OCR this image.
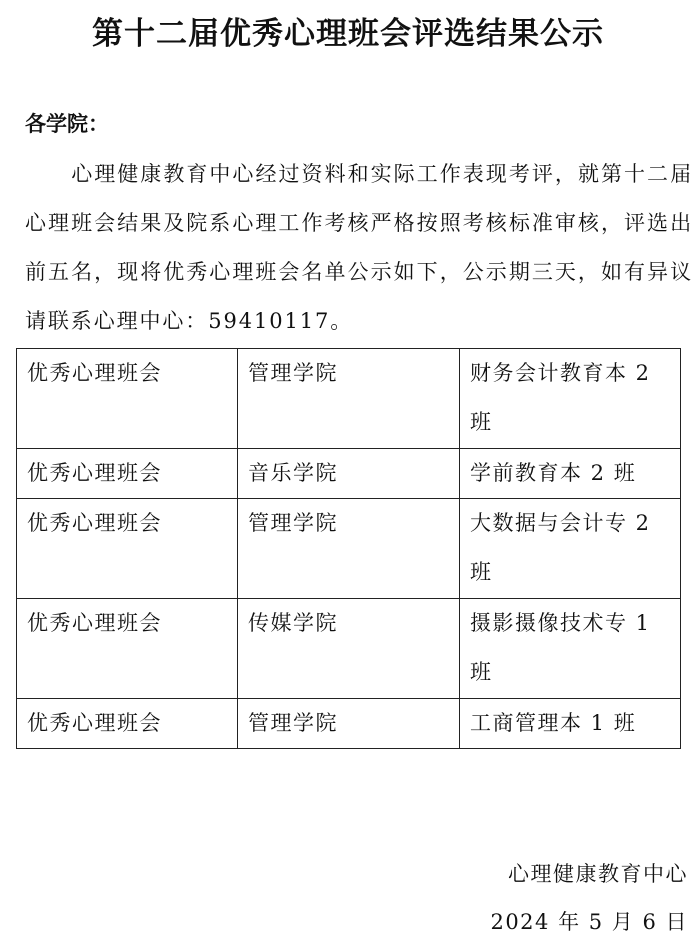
第十二届优秀心理班会评选结果公示
各学院：

心理健康教育中心经过资料和实际工作表现考评，就第十二届心理班会结果及院系心理工作考核严格按照考核标准审核，评选出前五名，现将优秀心理班会名单公示如下，公示期三天，如有异议请联系心理中心：59410117。

优秀心理班会	管理学院	财务会计教育本 2 班

优秀心理班会	音乐学院	学前教育本 2 班

优秀心理班会	管理学院	大数据与会计专 2 班

优秀心理班会	传媒学院	摄影摄像技术专 1 班

优秀心理班会	管理学院	工商管理本 1 班
心理健康教育中心
2024 年 5 月 6 日
